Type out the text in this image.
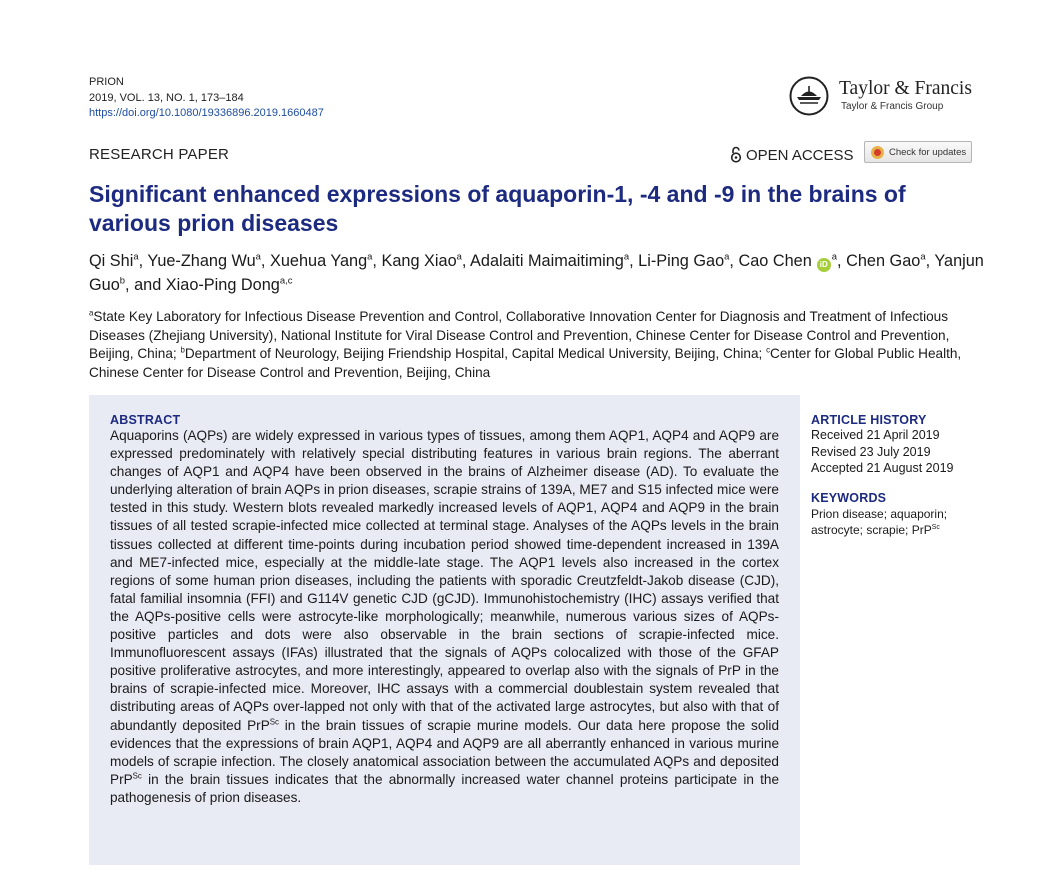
PRION
2019, VOL. 13, NO. 1, 173–184
https://doi.org/10.1080/19336896.2019.1660487
Taylor & Francis
Taylor & Francis Group
RESEARCH PAPER	OPEN ACCESS	Check for updates
Significant enhanced expressions of aquaporin-1, -4 and -9 in the brains of various prion diseases
Qi Shi$^a$, Yue-Zhang Wu$^a$, Xuehua Yang$^a$, Kang Xiao$^a$, Adalaiti Maimaitiming$^a$, Li-Ping Gao$^a$, Cao Chen $iD^a$, Chen Gao$^a$, Yanjun Guo$^b$, and Xiao-Ping Dong$^{a,c}$
$^a$State Key Laboratory for Infectious Disease Prevention and Control, Collaborative Innovation Center for Diagnosis and Treatment of Infectious Diseases (Zhejiang University), National Institute for Viral Disease Control and Prevention, Chinese Center for Disease Control and Prevention, Beijing, China; $^b$Department of Neurology, Beijing Friendship Hospital, Capital Medical University, Beijing, China; $^c$Center for Global Public Health, Chinese Center for Disease Control and Prevention, Beijing, China
ABSTRACT
Aquaporins (AQPs) are widely expressed in various types of tissues, among them AQP1, AQP4 and AQP9 are expressed predominately with relatively special distributing features in various brain regions. The aberrant changes of AQP1 and AQP4 have been observed in the brains of Alzheimer disease (AD). To evaluate the underlying alteration of brain AQPs in prion diseases, scrapie strains of 139A, ME7 and S15 infected mice were tested in this study. Western blots revealed markedly increased levels of AQP1, AQP4 and AQP9 in the brain tissues of all tested scrapie-infected mice collected at terminal stage. Analyses of the AQPs levels in the brain tissues collected at different time-points during incubation period showed time-dependent increased in 139A and ME7-infected mice, especially at the middle-late stage. The AQP1 levels also increased in the cortex regions of some human prion diseases, including the patients with sporadic Creutzfeldt-Jakob disease (CJD), fatal familial insomnia (FFI) and G114V genetic CJD (gCJD). Immunohistochemistry (IHC) assays verified that the AQPs-positive cells were astrocyte-like morphologically; meanwhile, numerous various sizes of AQPs-positive particles and dots were also observable in the brain sections of scrapie-infected mice. Immunofluorescent assays (IFAs) illustrated that the signals of AQPs colocalized with those of the GFAP positive proliferative astrocytes, and more interestingly, appeared to overlap also with the signals of PrP in the brains of scrapie-infected mice. Moreover, IHC assays with a commercial doublestain system revealed that distributing areas of AQPs over-lapped not only with that of the activated large astrocytes, but also with that of abundantly deposited PrP$^{Sc}$ in the brain tissues of scrapie murine models. Our data here propose the solid evidences that the expressions of brain AQP1, AQP4 and AQP9 are all aberrantly enhanced in various murine models of scrapie infection. The closely anatomical association between the accumulated AQPs and deposited PrP$^{Sc}$ in the brain tissues indicates that the abnormally increased water channel proteins participate in the pathogenesis of prion diseases.
ARTICLE HISTORY
Received 21 April 2019
Revised 23 July 2019
Accepted 21 August 2019
KEYWORDS
Prion disease; aquaporin; astrocyte; scrapie; PrP$^{Sc}$
